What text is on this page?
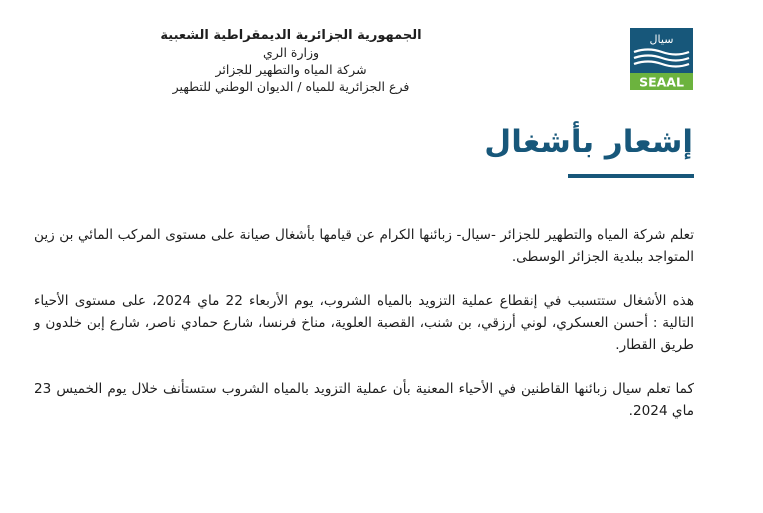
سيال
SEAAL
الجمهورية الجزائرية الديمقراطية الشعبية
وزارة الري
شركة المياه والتطهير للجزائر
فرع الجزائرية للمياه / الديوان الوطني للتطهير
إشعار بأشغال

تعلم شركة المياه والتطهير للجزائر -سيال- زبائنها الكرام عن قيامها بأشغال صيانة على مستوى المركب المائي بن زين المتواجد ببلدية الجزائر الوسطى.

هذه الأشغال ستتسبب في إنقطاع عملية التزويد بالمياه الشروب، يوم الأربعاء 22 ماي 2024، على مستوى الأحياء التالية : أحسن العسكري، لوني أرزقي، بن شنب، القصبة العلوية، مناخ فرنسا، شارع حمادي ناصر، شارع إبن خلدون و طريق القطار.

كما تعلم سيال زبائنها القاطنين في الأحياء المعنية بأن عملية التزويد بالمياه الشروب ستستأنف خلال يوم الخميس 23 ماي 2024.
